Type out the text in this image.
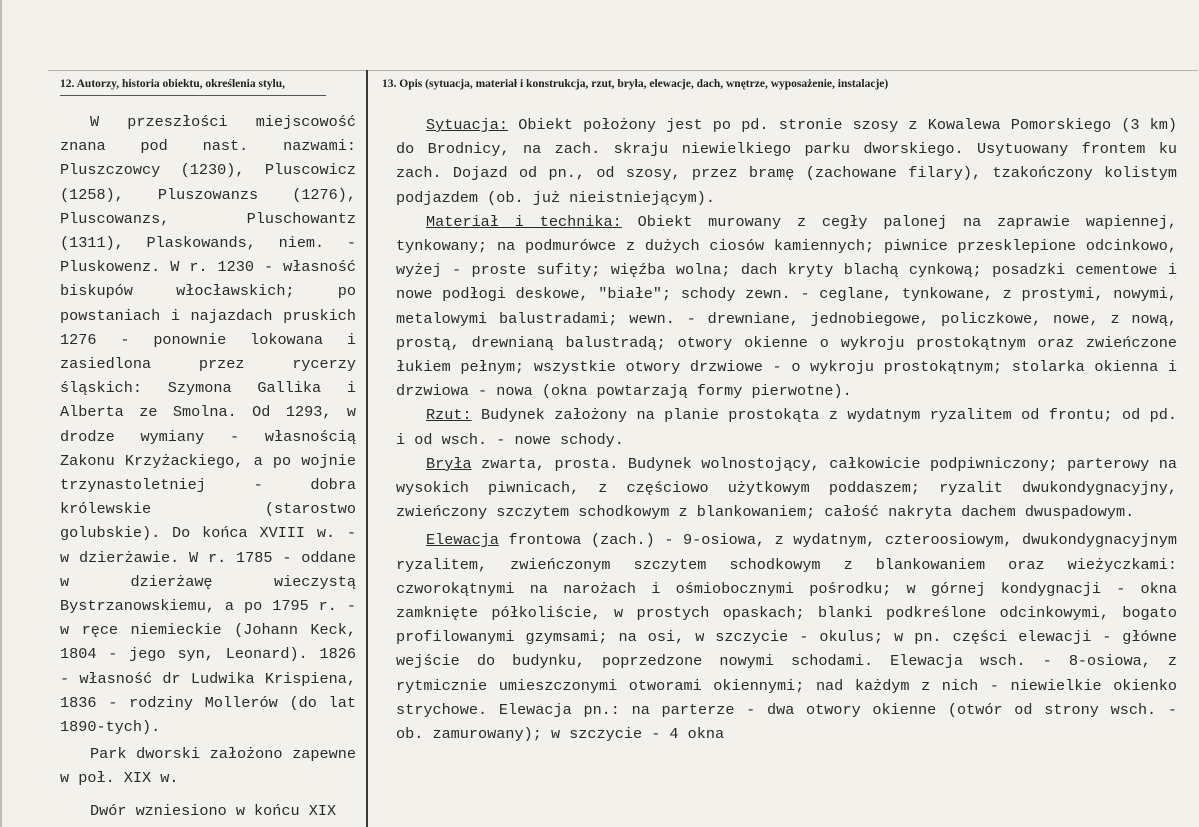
12. Autorzy, historia obiektu, określenia stylu,	13. Opis (sytuacja, materiał i konstrukcja, rzut, bryła, elewacje, dach, wnętrze, wyposażenie, instalacje)

W przeszłości miejscowość znana pod nast. nazwami: Pluszczowcy (1230), Pluscowicz (1258), Pluszowanzs (1276), Pluscowanzs, Pluschowantz (1311), Plaskowands, niem. - Pluskowenz. W r. 1230 - własność biskupów włocławskich; po powstaniach i najazdach pruskich 1276 - ponownie lokowana i zasiedlona przez rycerzy śląskich: Szymona Gallika i Alberta ze Smolna. Od 1293, w drodze wymiany - własnością Zakonu Krzyżackiego, a po wojnie trzynastoletniej - dobra królewskie (starostwo golubskie). Do końca XVIII w. - w dzierżawie. W r. 1785 - oddane w dzierżawę wieczystą Bystrzanowskiemu, a po 1795 r. - w ręce niemieckie (Johann Keck, 1804 - jego syn, Leonard). 1826 - własność dr Ludwika Krispiena, 1836 - rodziny Mollerów (do lat 1890-tych).

Park dworski założono zapewne w poł. XIX w.

Dwór wzniesiono w końcu XIX

Sytuacja: Obiekt położony jest po pd. stronie szosy z Kowalewa Pomorskiego (3 km) do Brodnicy, na zach. skraju niewielkiego parku dworskiego. Usytuowany frontem ku zach. Dojazd od pn., od szosy, przez bramę (zachowane filary), tzakończony kolistym podjazdem (ob. już nieistniejącym).

Materiał i technika: Obiekt murowany z cegły palonej na zaprawie wapiennej, tynkowany; na podmurówce z dużych ciosów kamiennych; piwnice przesklepione odcinkowo, wyżej - proste sufity; więźba wolna; dach kryty blachą cynkową; posadzki cementowe i nowe podłogi deskowe, "białe"; schody zewn. - ceglane, tynkowane, z prostymi, nowymi, metalowymi balustradami; wewn. - drewniane, jednobiegowe, policzkowe, nowe, z nową, prostą, drewnianą balustradą; otwory okienne o wykroju prostokątnym oraz zwieńczone łukiem pełnym; wszystkie otwory drzwiowe - o wykroju prostokątnym; stolarka okienna i drzwiowa - nowa (okna powtarzają formy pierwotne).

Rzut: Budynek założony na planie prostokąta z wydatnym ryzalitem od frontu; od pd. i od wsch. - nowe schody.

Bryła zwarta, prosta. Budynek wolnostojący, całkowicie podpiwniczony; parterowy na wysokich piwnicach, z częściowo użytkowym poddaszem; ryzalit dwukondygnacyjny, zwieńczony szczytem schodkowym z blankowaniem; całość nakryta dachem dwuspadowym.

Elewacja frontowa (zach.) - 9-osiowa, z wydatnym, czteroosiowym, dwukondygnacyjnym ryzalitem, zwieńczonym szczytem schodkowym z blankowaniem oraz wieżyczkami: czworokątnymi na narożach i ośmiobocznymi pośrodku; w górnej kondygnacji - okna zamknięte półkoliście, w prostych opaskach; blanki podkreślone odcinkowymi, bogato profilowanymi gzymsami; na osi, w szczycie - okulus; w pn. części elewacji - główne wejście do budynku, poprzedzone nowymi schodami. Elewacja wsch. - 8-osiowa, z rytmicznie umieszczonymi otworami okiennymi; nad każdym z nich - niewielkie okienko strychowe. Elewacja pn.: na parterze - dwa otwory okienne (otwór od strony wsch. - ob. zamurowany); w szczycie - 4 okna
